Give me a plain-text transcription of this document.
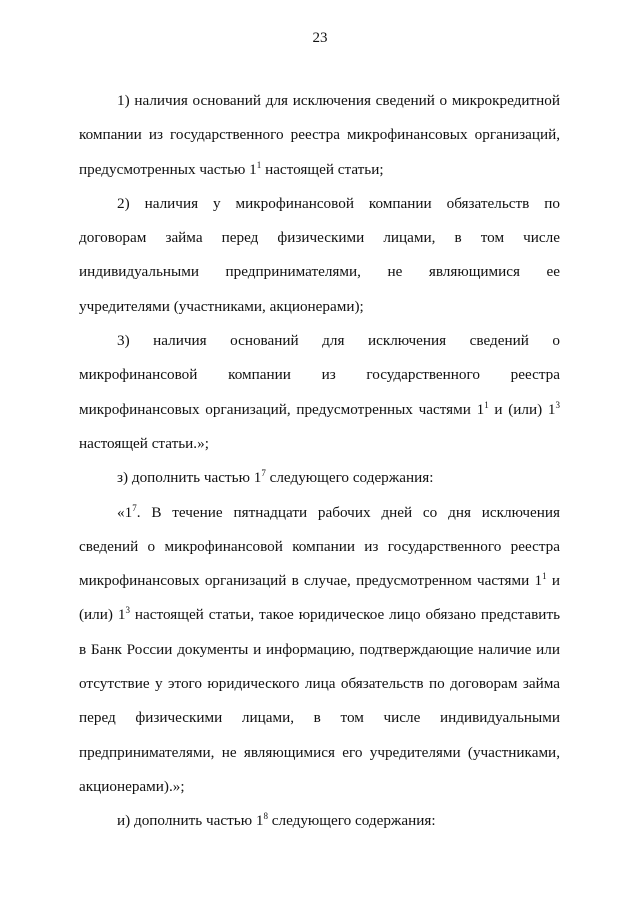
23

1) наличия оснований для исключения сведений о микрокредитной компании из государственного реестра микрофинансовых организаций, предусмотренных частью $1^1$ настоящей статьи;

2) наличия у микрофинансовой компании обязательств по договорам займа перед физическими лицами, в том числе индивидуальными предпринимателями, не являющимися ее учредителями (участниками, акционерами);

3) наличия оснований для исключения сведений о микрофинансовой компании из государственного реестра микрофинансовых организаций, предусмотренных частями $1^1$ и (или) $1^3$ настоящей статьи.»;

з) дополнить частью $1^7$ следующего содержания:

«$1^7$. В течение пятнадцати рабочих дней со дня исключения сведений о микрофинансовой компании из государственного реестра микрофинансовых организаций в случае, предусмотренном частями $1^1$ и (или) $1^3$ настоящей статьи, такое юридическое лицо обязано представить в Банк России документы и информацию, подтверждающие наличие или отсутствие у этого юридического лица обязательств по договорам займа перед физическими лицами, в том числе индивидуальными предпринимателями, не являющимися его учредителями (участниками, акционерами).»;

и) дополнить частью $1^8$ следующего содержания:
